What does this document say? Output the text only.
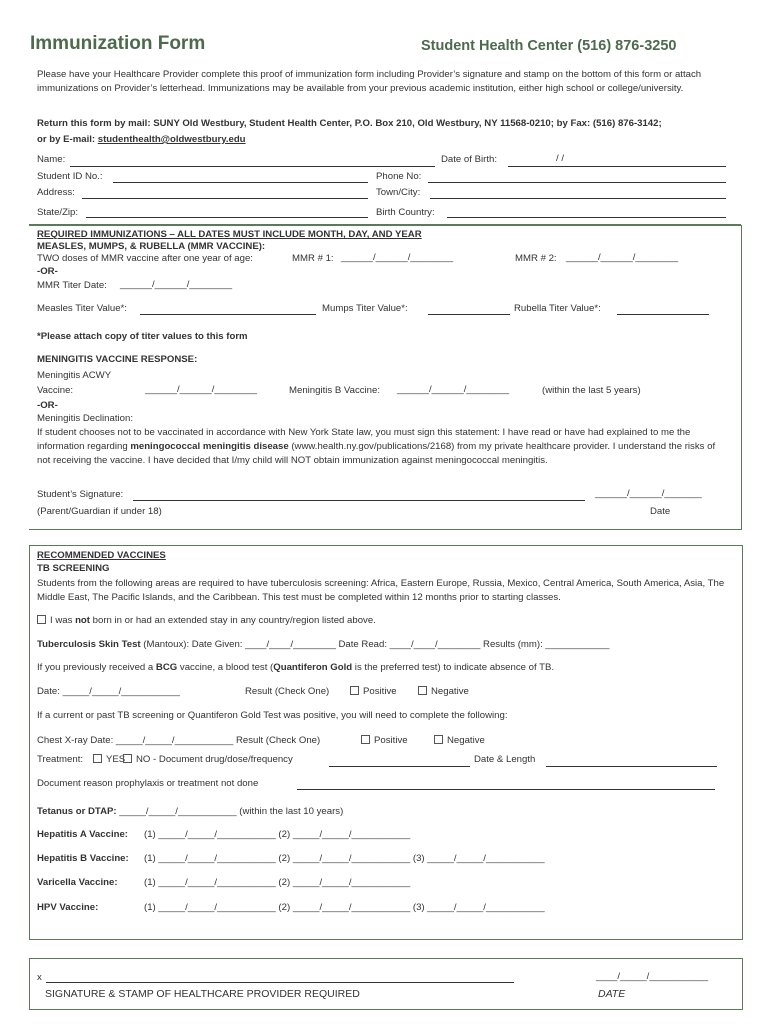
Immunization Form	Student Health Center (516) 876-3250
Please have your Healthcare Provider complete this proof of immunization form including Provider’s signature and stamp on the bottom of this form or attach immunizations on Provider’s letterhead. Immunizations may be available from your previous academic institution, either high school or college/university.
Return this form by mail: SUNY Old Westbury, Student Health Center, P.O. Box 210, Old Westbury, NY 11568-0210; by Fax: (516) 876-3142;
or by E-mail: studenthealth@oldwestbury.edu
Name:	Date of Birth:	/ /
Student ID No.:	Phone No:
Address:	Town/City:
State/Zip:	Birth Country:
REQUIRED IMMUNIZATIONS – ALL DATES MUST INCLUDE MONTH, DAY, AND YEAR
MEASLES, MUMPS, & RUBELLA (MMR VACCINE):
TWO doses of MMR vaccine after one year of age:	MMR # 1: ______/______/________	MMR # 2: ______/______/________
-OR-
MMR Titer Date: ______/______/________
Measles Titer Value*:	Mumps Titer Value*:	Rubella Titer Value*:
*Please attach copy of titer values to this form
MENINGITIS VACCINE RESPONSE:
Meningitis ACWY
Vaccine:	______/______/________	Meningitis B Vaccine: ______/______/________	(within the last 5 years)
-OR-
Meningitis Declination:
If student chooses not to be vaccinated in accordance with New York State law, you must sign this statement: I have read or have had explained to me the information regarding meningococcal meningitis disease (www.health.ny.gov/publications/2168) from my private healthcare provider. I understand the risks of not receiving the vaccine. I have decided that I/my child will NOT obtain immunization against meningococcal meningitis.
Student’s Signature:	______/______/_______
(Parent/Guardian if under 18)	Date
RECOMMENDED VACCINES
TB SCREENING
Students from the following areas are required to have tuberculosis screening: Africa, Eastern Europe, Russia, Mexico, Central America, South America, Asia, The Middle East, The Pacific Islands, and the Caribbean. This test must be completed within 12 months prior to starting classes.
I was not born in or had an extended stay in any country/region listed above.
Tuberculosis Skin Test (Mantoux): Date Given: ____/____/________ Date Read: ____/____/________ Results (mm): ____________
If you previously received a BCG vaccine, a blood test (Quantiferon Gold is the preferred test) to indicate absence of TB.
Date: _____/_____/___________	Result (Check One)	Positive	Negative
If a current or past TB screening or Quantiferon Gold Test was positive, you will need to complete the following:
Chest X-ray Date: _____/_____/___________ Result (Check One)	Positive	Negative
Treatment:	YES	NO - Document drug/dose/frequency	Date & Length
Document reason prophylaxis or treatment not done
Tetanus or DTAP: _____/_____/___________ (within the last 10 years)
Hepatitis A Vaccine: (1) _____/_____/___________ (2) _____/_____/___________
Hepatitis B Vaccine: (1) _____/_____/___________ (2) _____/_____/___________ (3) _____/_____/___________
Varicella Vaccine:	(1) _____/_____/___________ (2) _____/_____/___________
HPV Vaccine:	(1) _____/_____/___________ (2) _____/_____/___________ (3) _____/_____/___________
x	____/_____/___________
SIGNATURE & STAMP OF HEALTHCARE PROVIDER REQUIRED	DATE
